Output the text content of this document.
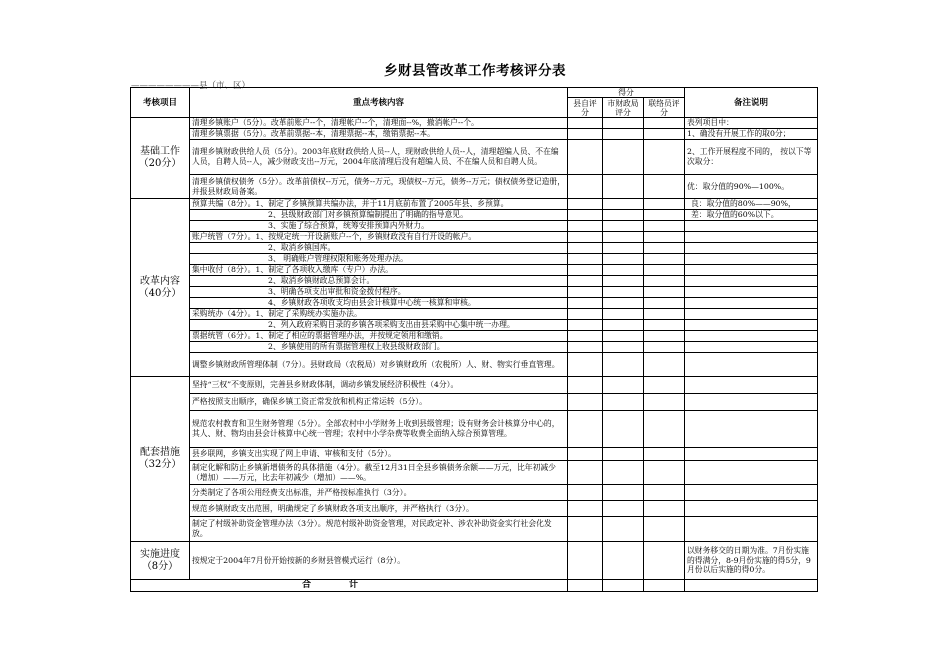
乡财县管改革工作考核评分表
————————县（市、区）
考核项目	重点考核内容	得分			备注说明
		县自评分	市财政局评分	联络员评分	

基础工作
（20分）	清理乡镇账户（5分）。改革前账户--个，清理帐户--个，清理面--%，撤消帐户--个。				表列项目中：
	清理乡镇票据（5分）。改革前票据--本，清理票据--本，缴销票据--本。				1、确没有开展工作的取0分；
	清理乡镇财政供给人员（5分）。2003年底财政供给人员--人，现财政供给人员--人，清理超编人员、不在编人员，自聘人员--人，减少财政支出--万元，2004年底清理后没有超编人员、不在编人员和自聘人员。				2、工作开展程度不同的， 按以下等次取分：
	清理乡镇债权债务（5分）。改革前债权--万元，债务--万元，现债权--万元，债务--万元；债权债务登记造册，并报县财政局备案。				优：取分值的90%—100%。

改革内容
（40分）	预算共编（8分）。1、制定了乡镇预算共编办法，并于11月底前布置了2005年县、乡预算。				良：取分值的80%——90%，
	2、县级财政部门对乡镇预算编制提出了明确的指导意见。				差：取分值的60%以下。
	3、实施了综合预算，统筹安排预算内外财力。				
	账户统管（7分）。1、按规定统一开设新账户--个，乡镇财政没有自行开设的帐户。				
	2、取消乡镇国库。				
	3、 明确账户管理权限和账务处理办法。				
	集中收付（8分）。1、制定了各项收入缴库（专户）办法。				
	2、取消乡镇财政总预算会计。				
	3、明确各项支出审批和资金拨付程序。				
	4、乡镇财政各项收支均由县会计核算中心统一核算和审核。				
	采购统办（4分）。1、制定了采购统办实施办法。				
	2、列入政府采购目录的乡镇各项采购支出由县采购中心集中统一办理。				
	票据统管（6分）。1、制定了相应的票据管理办法，并按规定领用和缴销。				
	2、乡镇使用的所有票据管理权上收县级财政部门。				
	调整乡镇财政所管理体制（7分）。县财政局（农税局）对乡镇财政所（农税所）人、财、物实行垂直管理。				

配套措施
（32分）	坚持“三权”不变原则，完善县乡财政体制，调动乡镇发展经济积极性（4分）。				
	严格按照支出顺序，确保乡镇工资正常发放和机构正常运转（5分）。				
	规范农村教育和卫生财务管理（5分）。全部农村中小学财务上收到县级管理；设有财务会计核算分中心的，其人、财、物均由县会计核算中心统一管理；农村中小学杂费等收费全面纳入综合预算管理。				
	县乡联网，乡镇支出实现了网上申请、审核和支付（5分）。				
	制定化解和防止乡镇新增债务的具体措施（4分）。截至12月31日全县乡镇债务余额——万元，比年初减少（增加）——万元，比去年初减少（增加）——%。				
	分类制定了各项公用经费支出标准，并严格按标准执行（3分）。				
	规范乡镇财政支出范围，明确规定了乡镇财政各项支出顺序，并严格执行（3分）。				
	制定了村级补助资金管理办法（3分）。规范村级补助资金管理，对民政定补、涉农补助资金实行社会化发放。				

实施进度
（8分）	按规定于2004年7月份开始按新的乡财县管模式运行（8分）。				以财务移交的日期为准。7月份实施的得满分，8-9月份实施的得5分，9月份以后实施的得0分。
合计					
